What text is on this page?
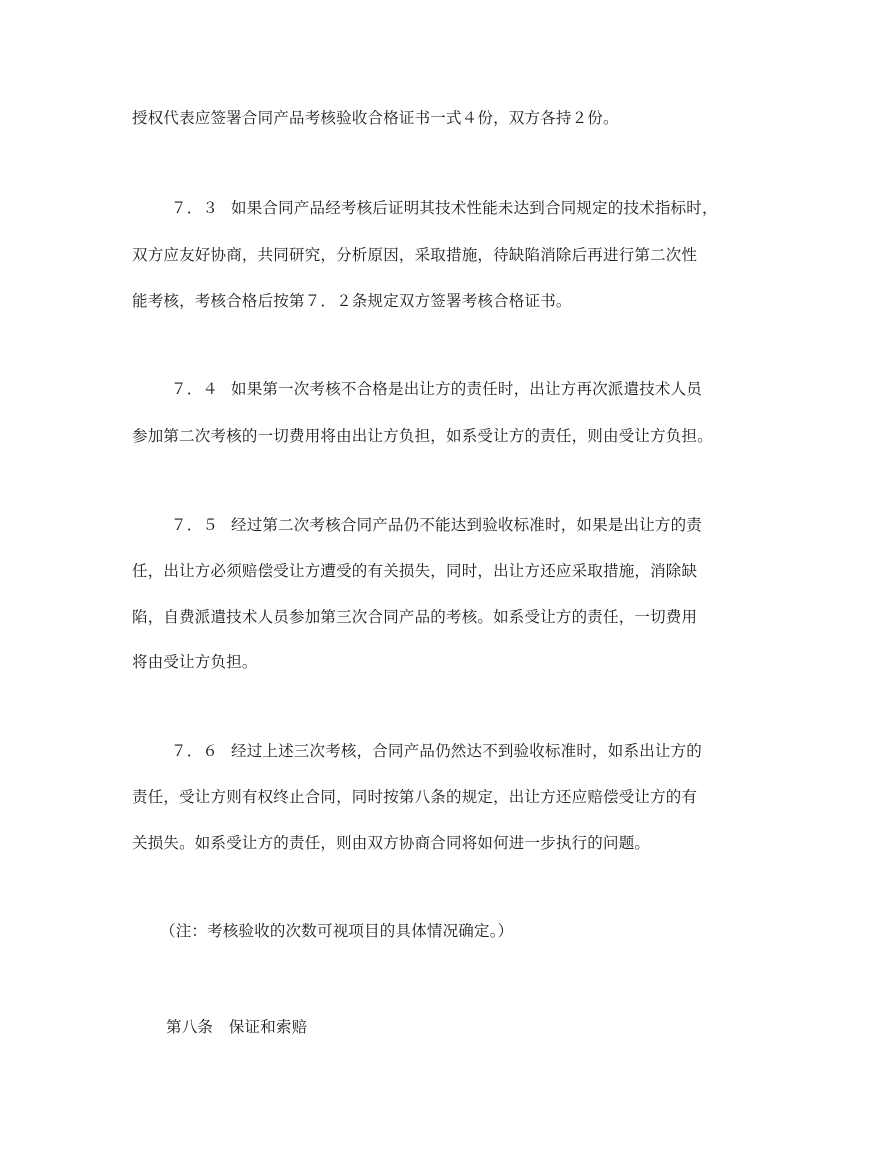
授权代表应签署合同产品考核验收合格证书一式４份，双方各持２份。
７．３ 如果合同产品经考核后证明其技术性能未达到合同规定的技术指标时，
双方应友好协商，共同研究，分析原因，采取措施，待缺陷消除后再进行第二次性
能考核，考核合格后按第７．２条规定双方签署考核合格证书。
７．４ 如果第一次考核不合格是出让方的责任时，出让方再次派遣技术人员
参加第二次考核的一切费用将由出让方负担，如系受让方的责任，则由受让方负担。
７．５ 经过第二次考核合同产品仍不能达到验收标准时，如果是出让方的责
任，出让方必须赔偿受让方遭受的有关损失，同时，出让方还应采取措施，消除缺
陷，自费派遣技术人员参加第三次合同产品的考核。如系受让方的责任，一切费用
将由受让方负担。
７．６ 经过上述三次考核，合同产品仍然达不到验收标准时，如系出让方的
责任，受让方则有权终止合同，同时按第八条的规定，出让方还应赔偿受让方的有
关损失。如系受让方的责任，则由双方协商合同将如何进一步执行的问题。
（注：考核验收的次数可视项目的具体情况确定。）
第八条　保证和索赔
